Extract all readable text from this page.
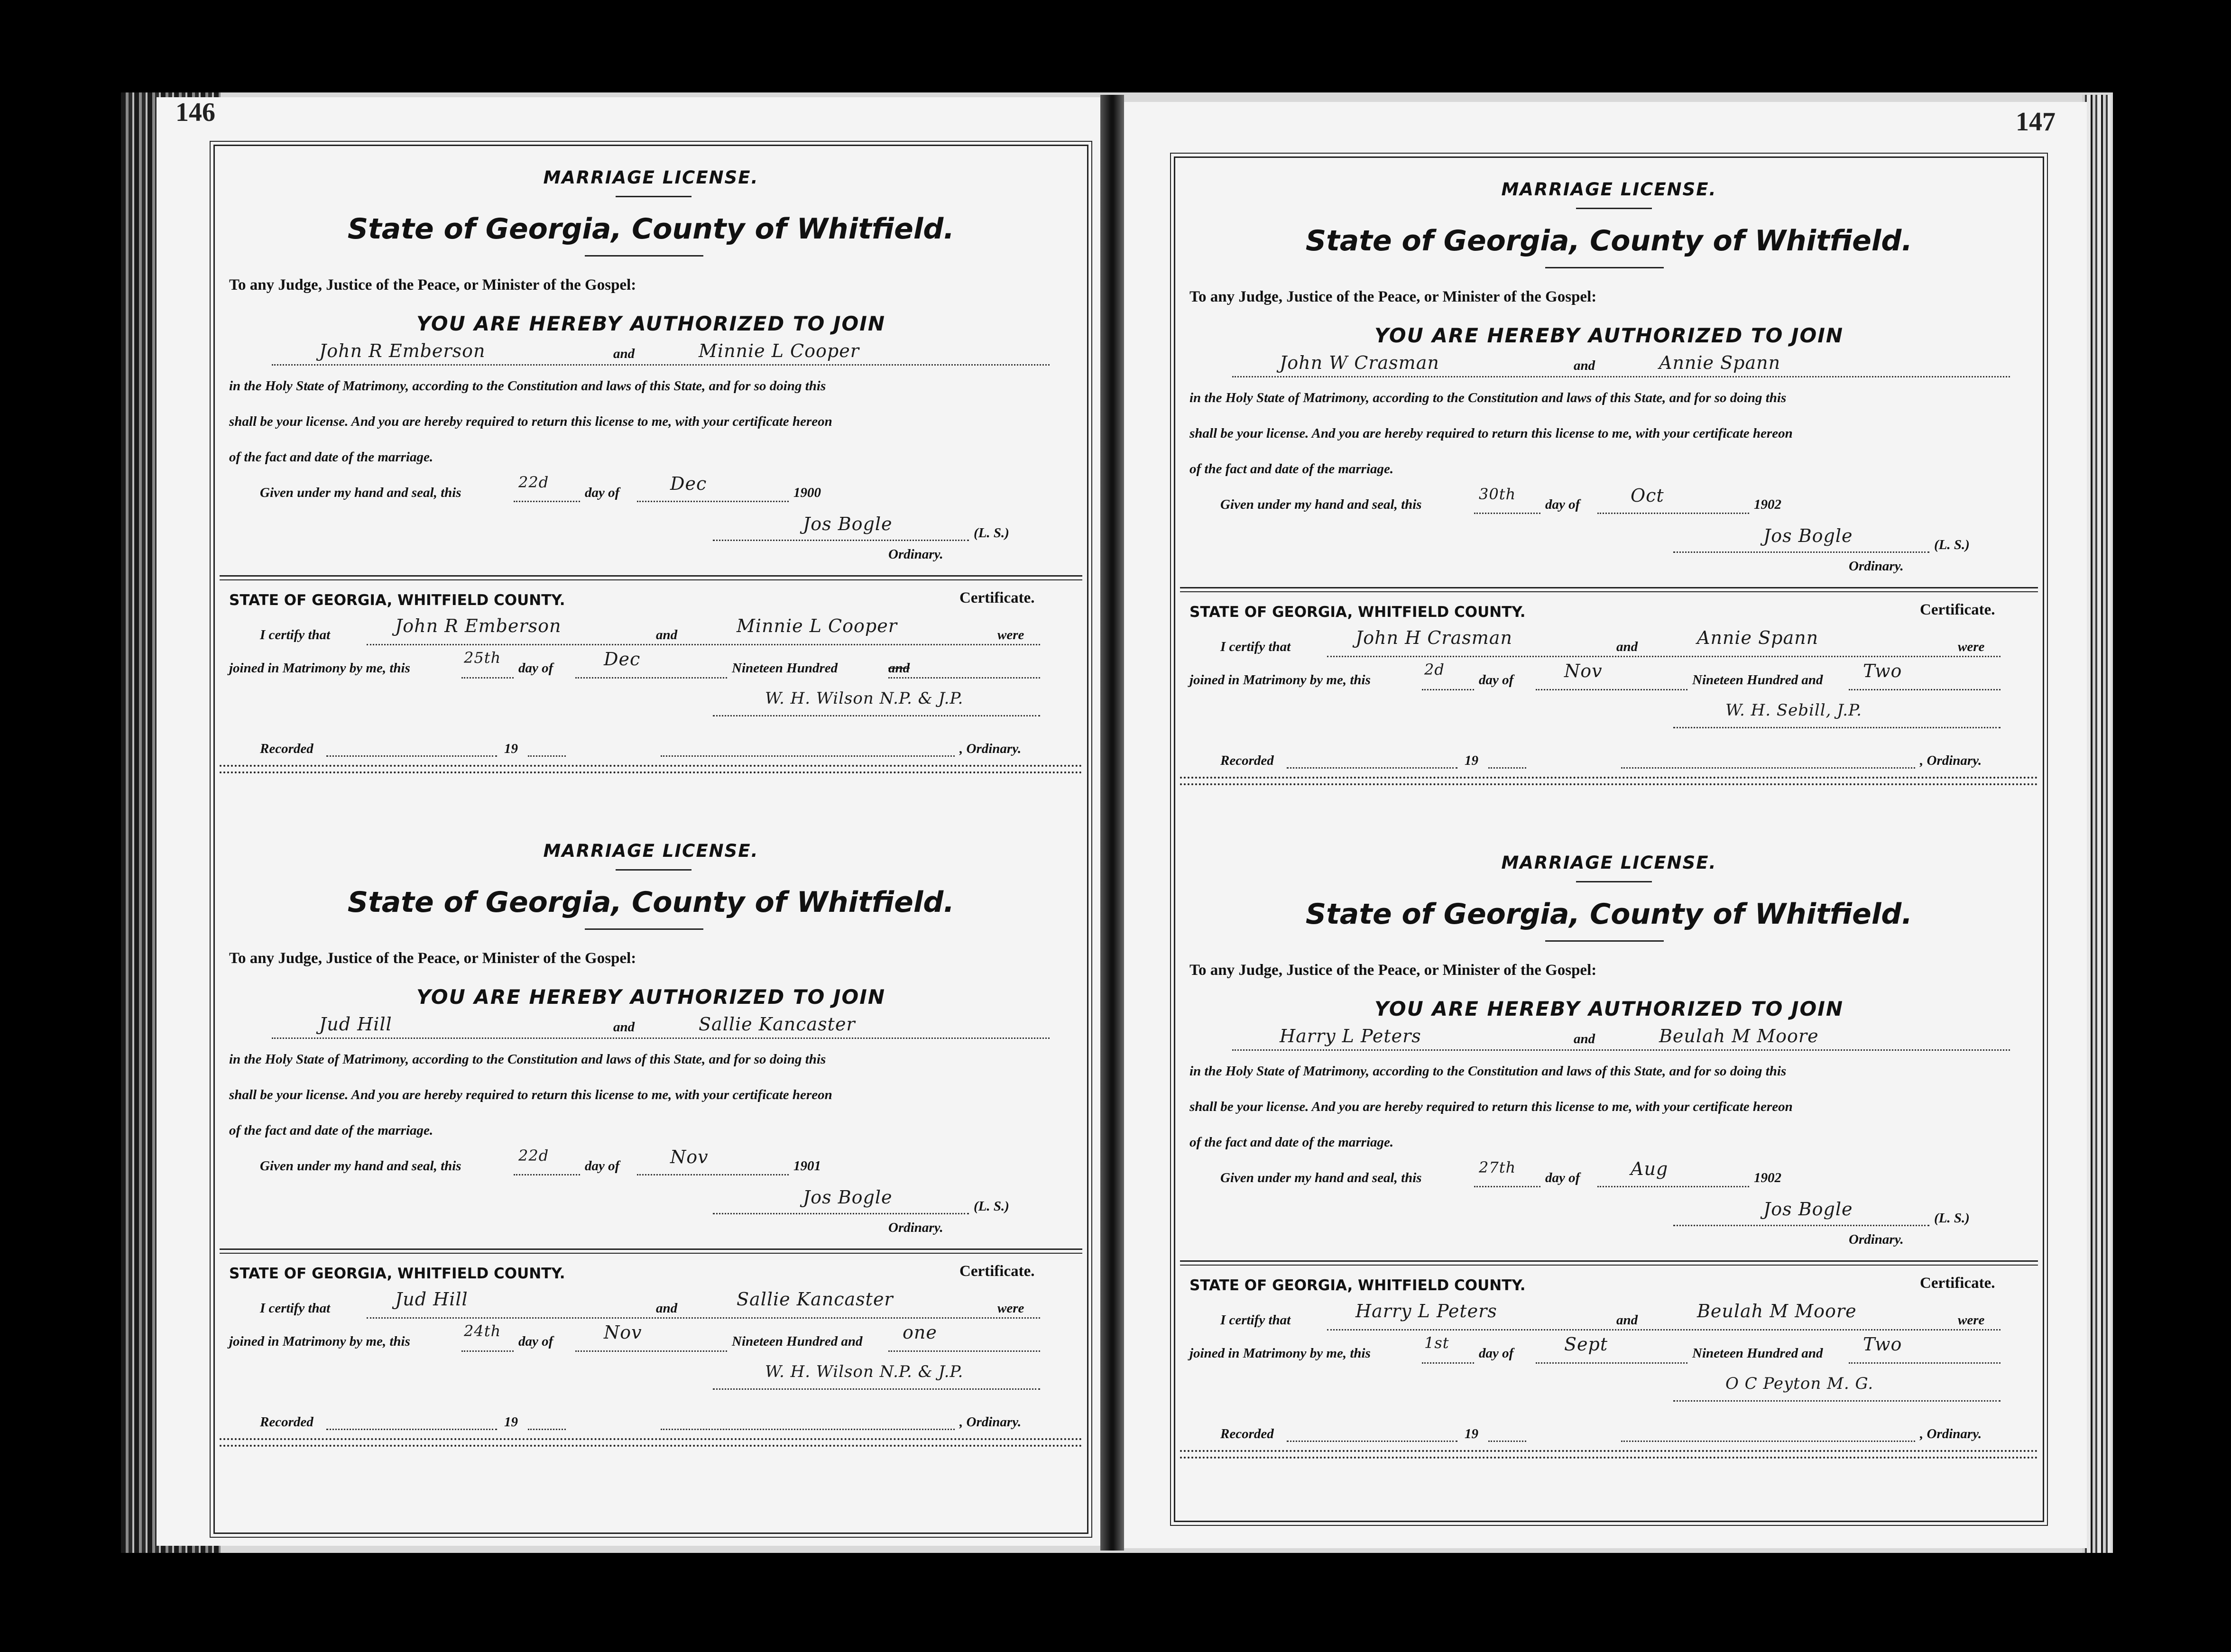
146
MARRIAGE LICENSE.
State of Georgia, County of Whitfield.
To any Judge, Justice of the Peace, or Minister of the Gospel:
YOU ARE HEREBY AUTHORIZED TO JOIN
John R Emberson	and	Minnie L Cooper
in the Holy State of Matrimony, according to the Constitution and laws of this State, and for so doing this
shall be your license. And you are hereby required to return this license to me, with your certificate hereon
of the fact and date of the marriage.
Given under my hand and seal, this
22d
day of	Dec	1900
Jos Bogle	(L. S.)
Ordinary.
STATE OF GEORGIA, WHITFIELD COUNTY.	Certificate.
I certify that	John R Emberson	and	Minnie L Cooper	were
joined in Matrimony by me, this
25th
day of	Dec	Nineteen Hundred	and
W. H. Wilson N.P. & J.P.
Recorded	19	, Ordinary.
MARRIAGE LICENSE.
State of Georgia, County of Whitfield.
To any Judge, Justice of the Peace, or Minister of the Gospel:
YOU ARE HEREBY AUTHORIZED TO JOIN
Jud Hill	and	Sallie Kancaster
in the Holy State of Matrimony, according to the Constitution and laws of this State, and for so doing this
shall be your license. And you are hereby required to return this license to me, with your certificate hereon
of the fact and date of the marriage.
Given under my hand and seal, this
22d
day of	Nov	1901
Jos Bogle	(L. S.)
Ordinary.
STATE OF GEORGIA, WHITFIELD COUNTY.	Certificate.
I certify that	Jud Hill	and	Sallie Kancaster	were
joined in Matrimony by me, this
24th
day of	Nov	Nineteen Hundred and one
W. H. Wilson N.P. & J.P.
Recorded	19	, Ordinary.
147
MARRIAGE LICENSE.
State of Georgia, County of Whitfield.
To any Judge, Justice of the Peace, or Minister of the Gospel:
YOU ARE HEREBY AUTHORIZED TO JOIN
John W Crasman	and	Annie Spann
in the Holy State of Matrimony, according to the Constitution and laws of this State, and for so doing this
shall be your license. And you are hereby required to return this license to me, with your certificate hereon
of the fact and date of the marriage.
Given under my hand and seal, this
30th
day of	Oct	1902
Jos Bogle	(L. S.)
Ordinary.
STATE OF GEORGIA, WHITFIELD COUNTY.	Certificate.
I certify that	John H Crasman	and	Annie Spann	were
joined in Matrimony by me, this
2d
day of	Nov	Nineteen Hundred and Two
W. H. Sebill, J.P.
Recorded	19	, Ordinary.
MARRIAGE LICENSE.
State of Georgia, County of Whitfield.
To any Judge, Justice of the Peace, or Minister of the Gospel:
YOU ARE HEREBY AUTHORIZED TO JOIN
Harry L Peters	and	Beulah M Moore
in the Holy State of Matrimony, according to the Constitution and laws of this State, and for so doing this
shall be your license. And you are hereby required to return this license to me, with your certificate hereon
of the fact and date of the marriage.
Given under my hand and seal, this
27th
day of	Aug	1902
Jos Bogle	(L. S.)
Ordinary.
STATE OF GEORGIA, WHITFIELD COUNTY.	Certificate.
I certify that	Harry L Peters	and	Beulah M Moore	were
joined in Matrimony by me, this
1st
day of	Sept	Nineteen Hundred and Two
O C Peyton M. G.
Recorded	19	, Ordinary.
